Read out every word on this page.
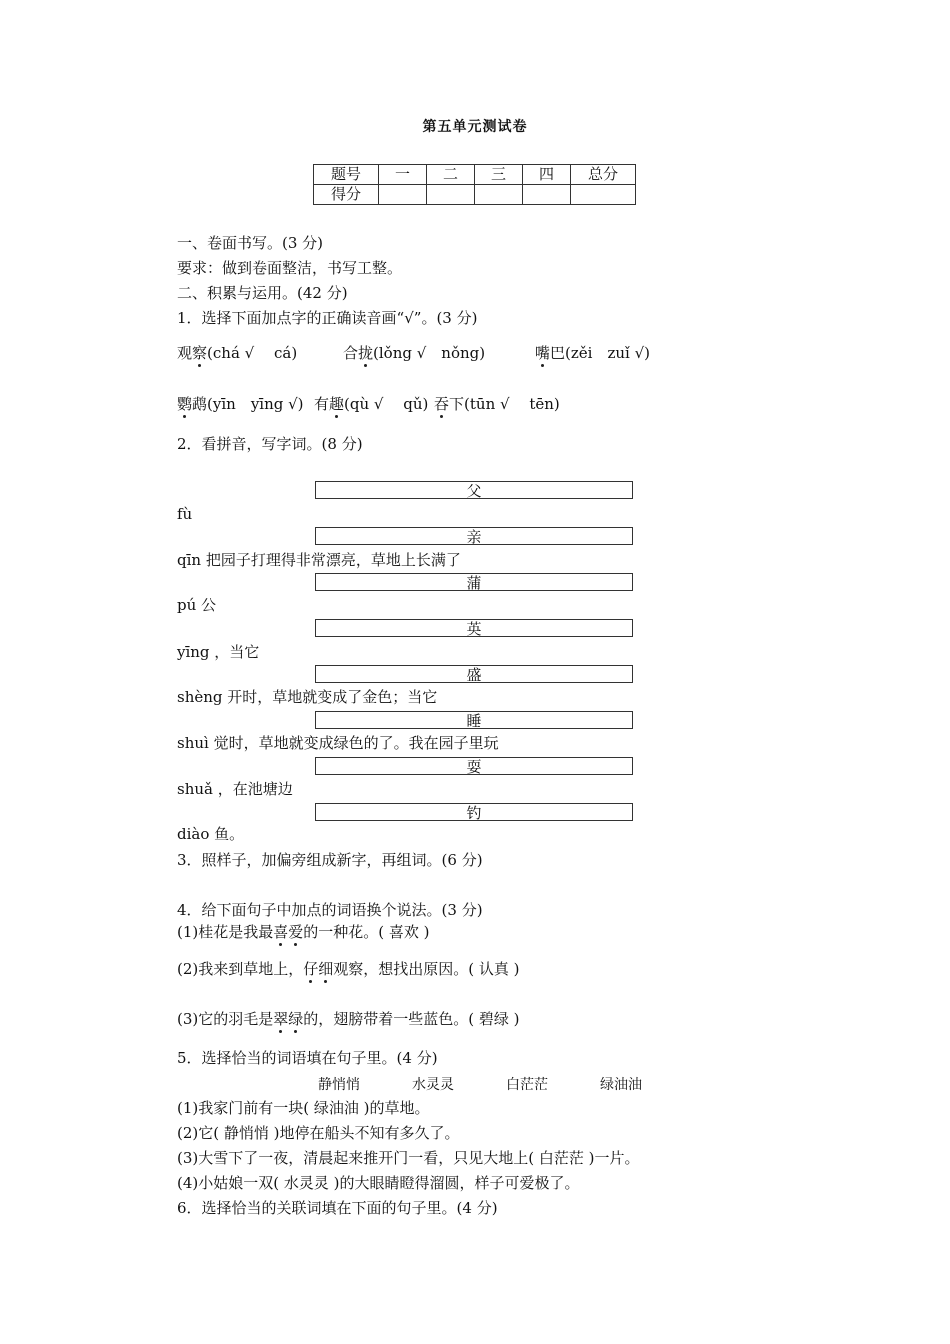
第五单元测试卷
题号	一	二	三	四	总分
得分					
一、卷面书写。(3 分)
要求：做到卷面整洁，书写工整。
二、积累与运用。(42 分)
1．选择下面加点字的正确读音画“√”。(3 分)
观察(chá √　 cá)	合拢(lǒng √　nǒng)	嘴巴(zěi　zuǐ √)
鹦鹉(yīn　yīng √) 有趣(qù √　 qǔ) 吞下(tūn √　 tēn)
2．看拼音，写字词。(8 分)
父
亲
蒲
英
盛
睡
耍
钓
fù
qīn 把园子打理得非常漂亮，草地上长满了
pú 公
yīng ，当它
shèng 开时，草地就变成了金色；当它
shuì 觉时，草地就变成绿色的了。我在园子里玩
shuǎ ，在池塘边
diào 鱼。
3．照样子，加偏旁组成新字，再组词。(6 分)
4．给下面句子中加点的词语换个说法。(3 分)
(1)桂花是我最喜爱的一种花。( 喜欢 )
(2)我来到草地上，仔细观察，想找出原因。( 认真 )
(3)它的羽毛是翠绿的，翅膀带着一些蓝色。( 碧绿 )
5．选择恰当的词语填在句子里。(4 分)
静悄悄	水灵灵	白茫茫	绿油油
(1)我家门前有一块( 绿油油 )的草地。
(2)它( 静悄悄 )地停在船头不知有多久了。
(3)大雪下了一夜，清晨起来推开门一看，只见大地上( 白茫茫 )一片。
(4)小姑娘一双( 水灵灵 )的大眼睛瞪得溜圆，样子可爱极了。
6．选择恰当的关联词填在下面的句子里。(4 分)
